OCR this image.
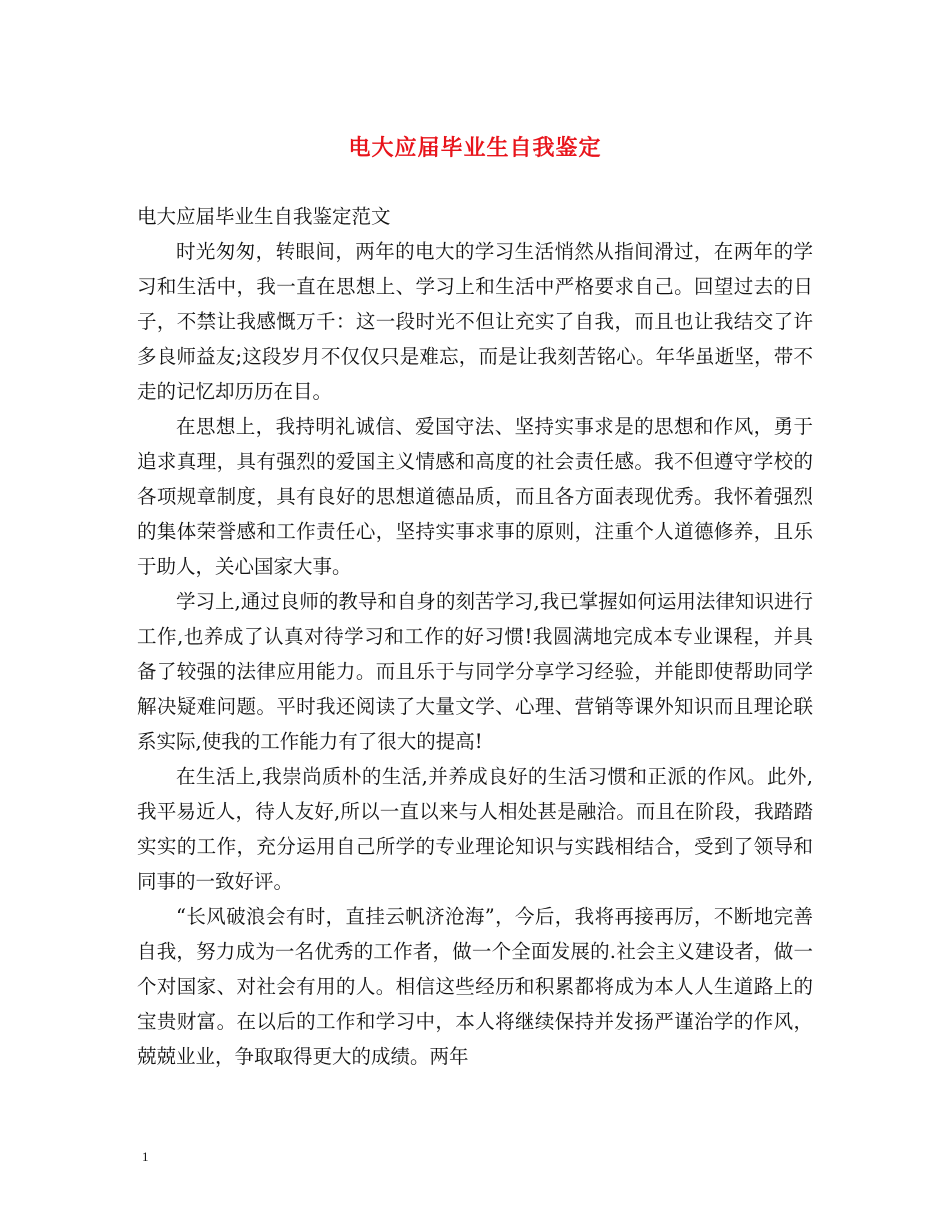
电大应届毕业生自我鉴定

电大应届毕业生自我鉴定范文

时光匆匆，转眼间，两年的电大的学习生活悄然从指间滑过，在两年的学习和生活中，我一直在思想上、学习上和生活中严格要求自己。回望过去的日子，不禁让我感慨万千：这一段时光不但让充实了自我，而且也让我结交了许多良师益友;这段岁月不仅仅只是难忘，而是让我刻苦铭心。年华虽逝坚，带不走的记忆却历历在目。

在思想上，我持明礼诚信、爱国守法、坚持实事求是的思想和作风，勇于追求真理，具有强烈的爱国主义情感和高度的社会责任感。我不但遵守学校的各项规章制度，具有良好的思想道德品质，而且各方面表现优秀。我怀着强烈的集体荣誉感和工作责任心，坚持实事求事的原则，注重个人道德修养，且乐于助人，关心国家大事。

学习上,通过良师的教导和自身的刻苦学习,我已掌握如何运用法律知识进行工作,也养成了认真对待学习和工作的好习惯!我圆满地完成本专业课程，并具备了较强的法律应用能力。而且乐于与同学分享学习经验，并能即使帮助同学解决疑难问题。平时我还阅读了大量文学、心理、营销等课外知识而且理论联系实际,使我的工作能力有了很大的提高!

在生活上,我崇尚质朴的生活,并养成良好的生活习惯和正派的作风。此外,我平易近人，待人友好,所以一直以来与人相处甚是融洽。而且在阶段，我踏踏实实的工作，充分运用自己所学的专业理论知识与实践相结合，受到了领导和同事的一致好评。

“长风破浪会有时，直挂云帆济沧海”，今后，我将再接再厉，不断地完善自我，努力成为一名优秀的工作者，做一个全面发展的.社会主义建设者，做一个对国家、对社会有用的人。相信这些经历和积累都将成为本人人生道路上的宝贵财富。在以后的工作和学习中，本人将继续保持并发扬严谨治学的作风，兢兢业业，争取取得更大的成绩。两年

1
